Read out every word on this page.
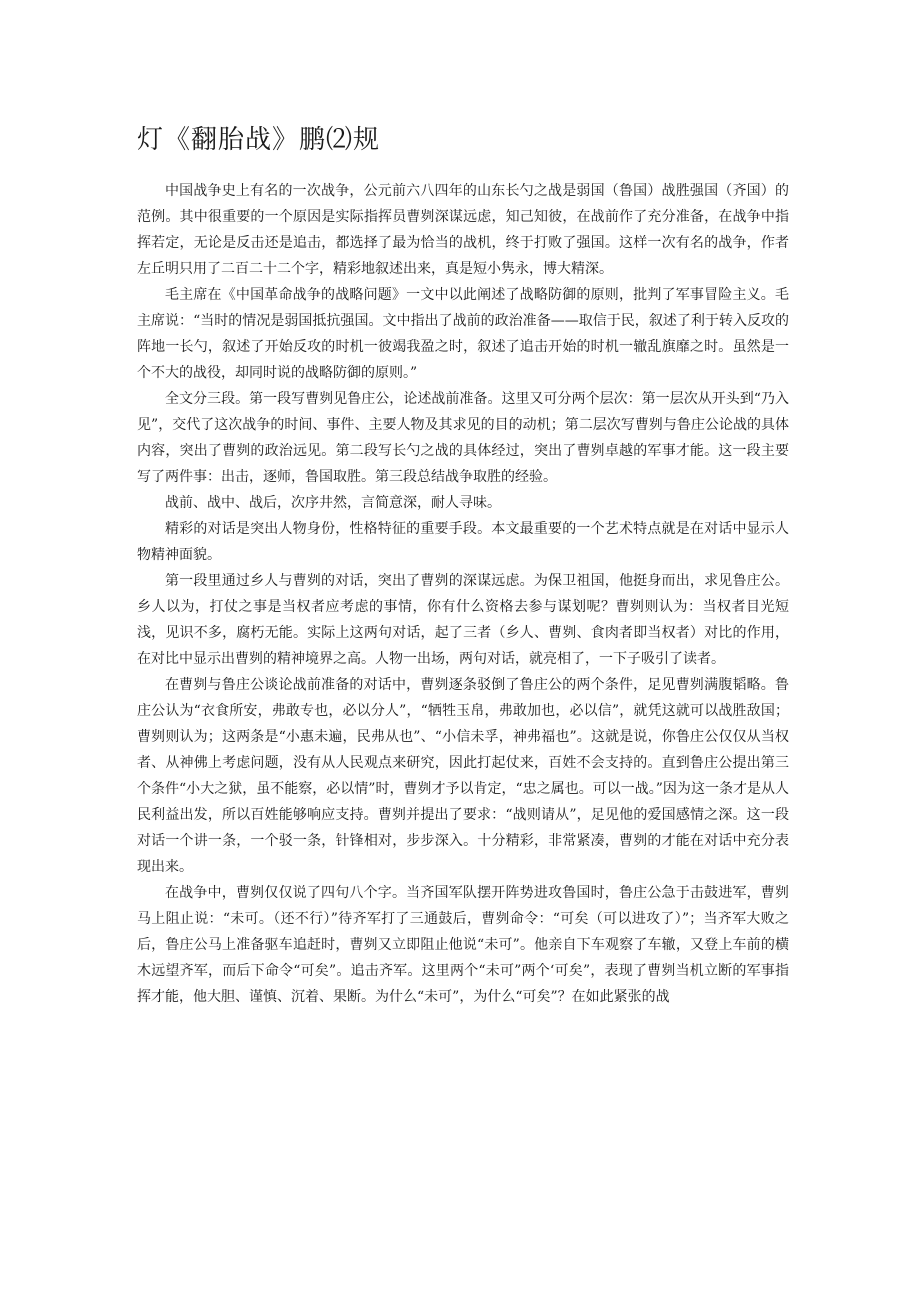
灯《翻胎战》鹏⑵规

中国战争史上有名的一次战争，公元前六八四年的山东长勺之战是弱国（鲁国）战胜强国（齐国）的范例。其中很重要的一个原因是实际指挥员曹刿深谋远虑，知己知彼，在战前作了充分准备，在战争中指挥若定，无论是反击还是追击，都选择了最为恰当的战机，终于打败了强国。这样一次有名的战争，作者左丘明只用了二百二十二个字，精彩地叙述出来，真是短小隽永，博大精深。

毛主席在《中国革命战争的战略问题》一文中以此阐述了战略防御的原则，批判了军事冒险主义。毛主席说：“当时的情况是弱国抵抗强国。文中指出了战前的政治准备——取信于民，叙述了利于转入反攻的阵地一长勺，叙述了开始反攻的时机一彼竭我盈之时，叙述了追击开始的时机一辙乱旗靡之时。虽然是一个不大的战役，却同时说的战略防御的原则。”

全文分三段。第一段写曹刿见鲁庄公，论述战前准备。这里又可分两个层次：第一层次从开头到“乃入见”，交代了这次战争的时间、事件、主要人物及其求见的目的动机；第二层次写曹刿与鲁庄公论战的具体内容，突出了曹刿的政治远见。第二段写长勺之战的具体经过，突出了曹刿卓越的军事才能。这一段主要写了两件事：出击，逐师，鲁国取胜。第三段总结战争取胜的经验。

战前、战中、战后，次序井然，言简意深，耐人寻味。

精彩的对话是突出人物身份，性格特征的重要手段。本文最重要的一个艺术特点就是在对话中显示人物精神面貌。

第一段里通过乡人与曹刿的对话，突出了曹刿的深谋远虑。为保卫祖国，他挺身而出，求见鲁庄公。乡人以为，打仗之事是当权者应考虑的事情，你有什么资格去参与谋划呢？曹刿则认为：当权者目光短浅，见识不多，腐朽无能。实际上这两句对话，起了三者（乡人、曹刿、食肉者即当权者）对比的作用，在对比中显示出曹刿的精神境界之高。人物一出场，两句对话，就亮相了，一下子吸引了读者。

在曹刿与鲁庄公谈论战前准备的对话中，曹刿逐条驳倒了鲁庄公的两个条件，足见曹刿满腹韬略。鲁庄公认为“衣食所安，弗敢专也，必以分人”，“牺牲玉帛，弗敢加也，必以信”，就凭这就可以战胜敌国；曹刿则认为；这两条是“小惠未遍，民弗从也”、“小信未孚，神弗福也”。这就是说，你鲁庄公仅仅从当权者、从神佛上考虑问题，没有从人民观点来研究，因此打起仗来，百姓不会支持的。直到鲁庄公提出第三个条件“小大之狱，虽不能察，必以情”时，曹刿才予以肯定，“忠之属也。可以一战。”因为这一条才是从人民利益出发，所以百姓能够响应支持。曹刿并提出了要求：“战则请从”，足见他的爱国感情之深。这一段对话一个讲一条，一个驳一条，针锋相对，步步深入。十分精彩，非常紧凑，曹刿的才能在对话中充分表现出来。

在战争中，曹刿仅仅说了四句八个字。当齐国军队摆开阵势进攻鲁国时，鲁庄公急于击鼓进军，曹刿马上阻止说：“未可。（还不行）”待齐军打了三通鼓后，曹刿命令：“可矣（可以进攻了）”；当齐军大败之后，鲁庄公马上准备驱车追赶时，曹刿又立即阻止他说“未可”。他亲自下车观察了车辙，又登上车前的横木远望齐军，而后下命令“可矣”。追击齐军。这里两个“未可”两个‘可矣”，表现了曹刿当机立断的军事指挥才能，他大胆、谨慎、沉着、果断。为什么“未可”，为什么“可矣”？在如此紧张的战
